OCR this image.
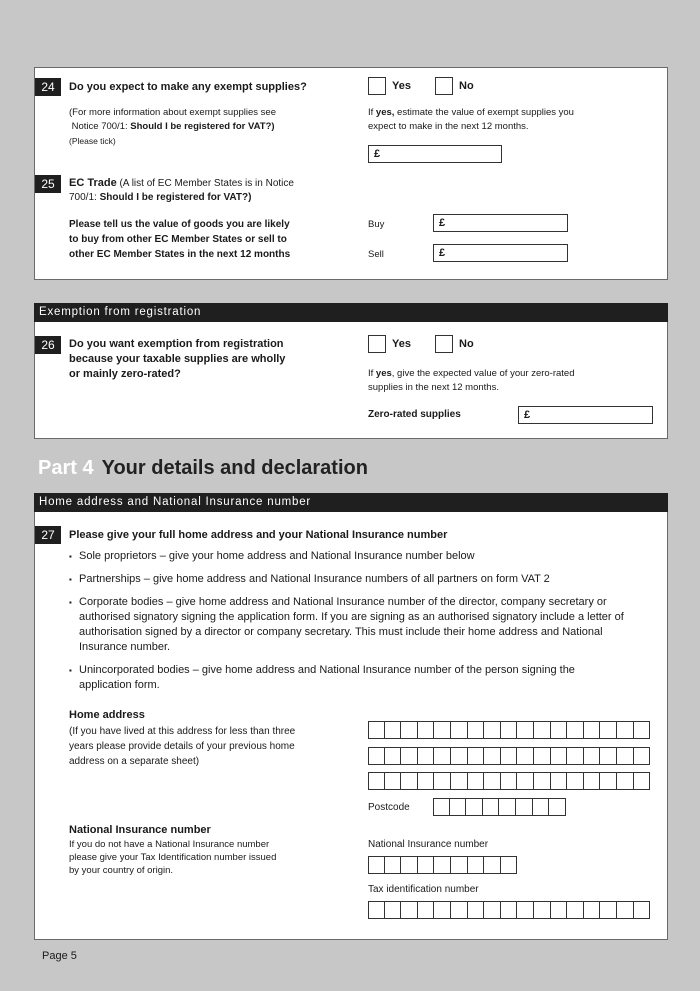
24	Do you expect to make any exempt supplies?	Yes	No
(For more information about exempt supplies see
Notice 700/1: Should I be registered for VAT?)
(Please tick)
If yes, estimate the value of exempt supplies you
expect to make in the next 12 months.
£
25	EC Trade (A list of EC Member States is in Notice
700/1: Should I be registered for VAT?)
Please tell us the value of goods you are likely
to buy from other EC Member States or sell to
other EC Member States in the next 12 months
Buy	£
Sell	£
Exemption from registration
26	Do you want exemption from registration
because your taxable supplies are wholly
or mainly zero-rated?
Yes	No
If yes, give the expected value of your zero-rated
supplies in the next 12 months.
Zero-rated supplies	£
Part 4 Your details and declaration
Home address and National Insurance number
27	Please give your full home address and your National Insurance number
▪ Sole proprietors – give your home address and National Insurance number below
▪ Partnerships – give home address and National Insurance numbers of all partners on form VAT 2
▪ Corporate bodies – give home address and National Insurance number of the director, company secretary or authorised signatory signing the application form. If you are signing as an authorised signatory include a letter of authorisation signed by a director or company secretary. This must include their home address and National Insurance number.
▪ Unincorporated bodies – give home address and National Insurance number of the person signing the application form.
Home address
(If you have lived at this address for less than three
years please provide details of your previous home
address on a separate sheet)
Postcode
National Insurance number
If you do not have a National Insurance number
please give your Tax Identification number issued
by your country of origin.
National Insurance number
Tax identification number
Page 5
